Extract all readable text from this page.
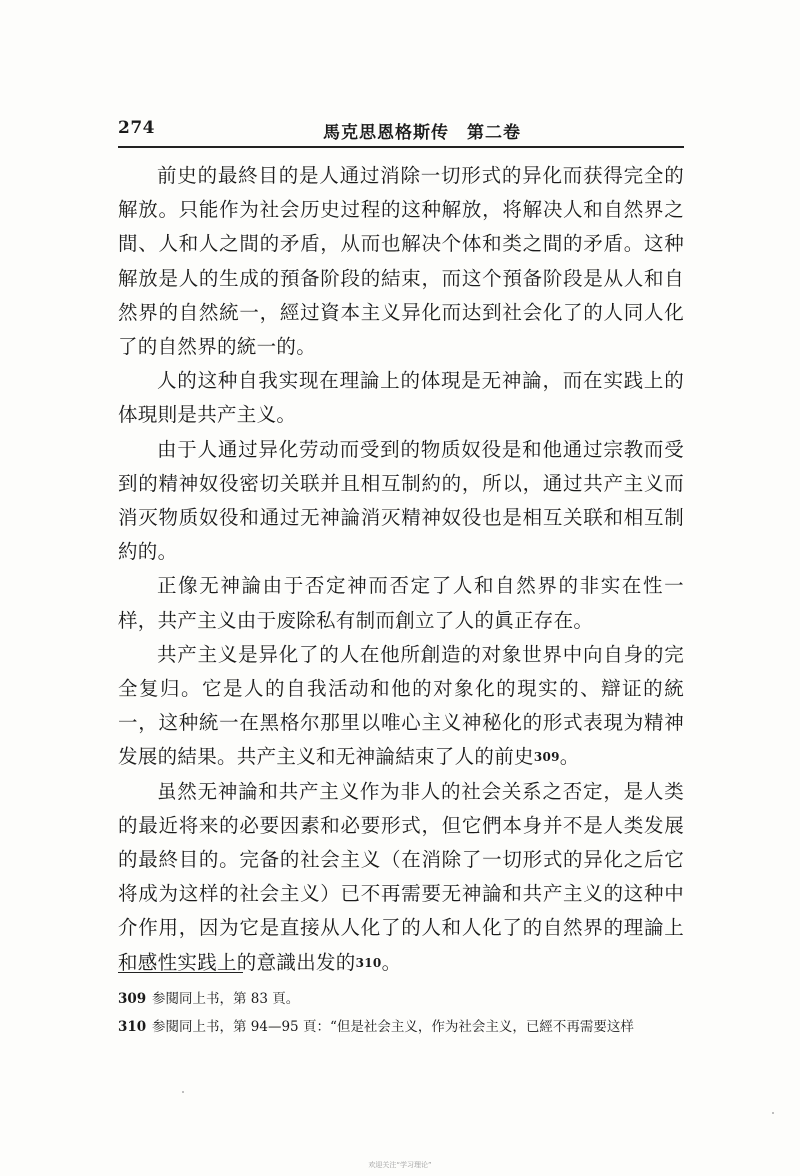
274	馬克思恩格斯传　第二卷

前史的最終目的是人通过消除一切形式的异化而获得完全的解放。只能作为社会历史过程的这种解放，将解决人和自然界之間、人和人之間的矛盾，从而也解决个体和类之間的矛盾。这种解放是人的生成的預备阶段的結束，而这个預备阶段是从人和自然界的自然統一，經过資本主义异化而达到社会化了的人同人化了的自然界的統一的。

人的这种自我实现在理論上的体現是无神論，而在实践上的体現則是共产主义。

由于人通过异化劳动而受到的物质奴役是和他通过宗教而受到的精神奴役密切关联并且相互制約的，所以，通过共产主义而消灭物质奴役和通过无神論消灭精神奴役也是相互关联和相互制約的。

正像无神論由于否定神而否定了人和自然界的非实在性一样，共产主义由于废除私有制而創立了人的眞正存在。

共产主义是异化了的人在他所創造的对象世界中向自身的完全复归。它是人的自我活动和他的对象化的現实的、辯证的統一，这种統一在黑格尔那里以唯心主义神秘化的形式表現为精神发展的結果。共产主义和无神論結束了人的前史$^{309}$。

虽然无神論和共产主义作为非人的社会关系之否定，是人类的最近将来的必要因素和必要形式，但它們本身并不是人类发展的最終目的。完备的社会主义（在消除了一切形式的异化之后它将成为这样的社会主义）已不再需要无神論和共产主义的这种中介作用，因为它是直接从人化了的人和人化了的自然界的理論上和感性实践上的意識出发的$^{310}$。

309 参閱同上书，第 83 頁。
310 参閱同上书，第 94—95 頁：“但是社会主义，作为社会主义，已經不再需要这样
欢迎关注“学习理论”
